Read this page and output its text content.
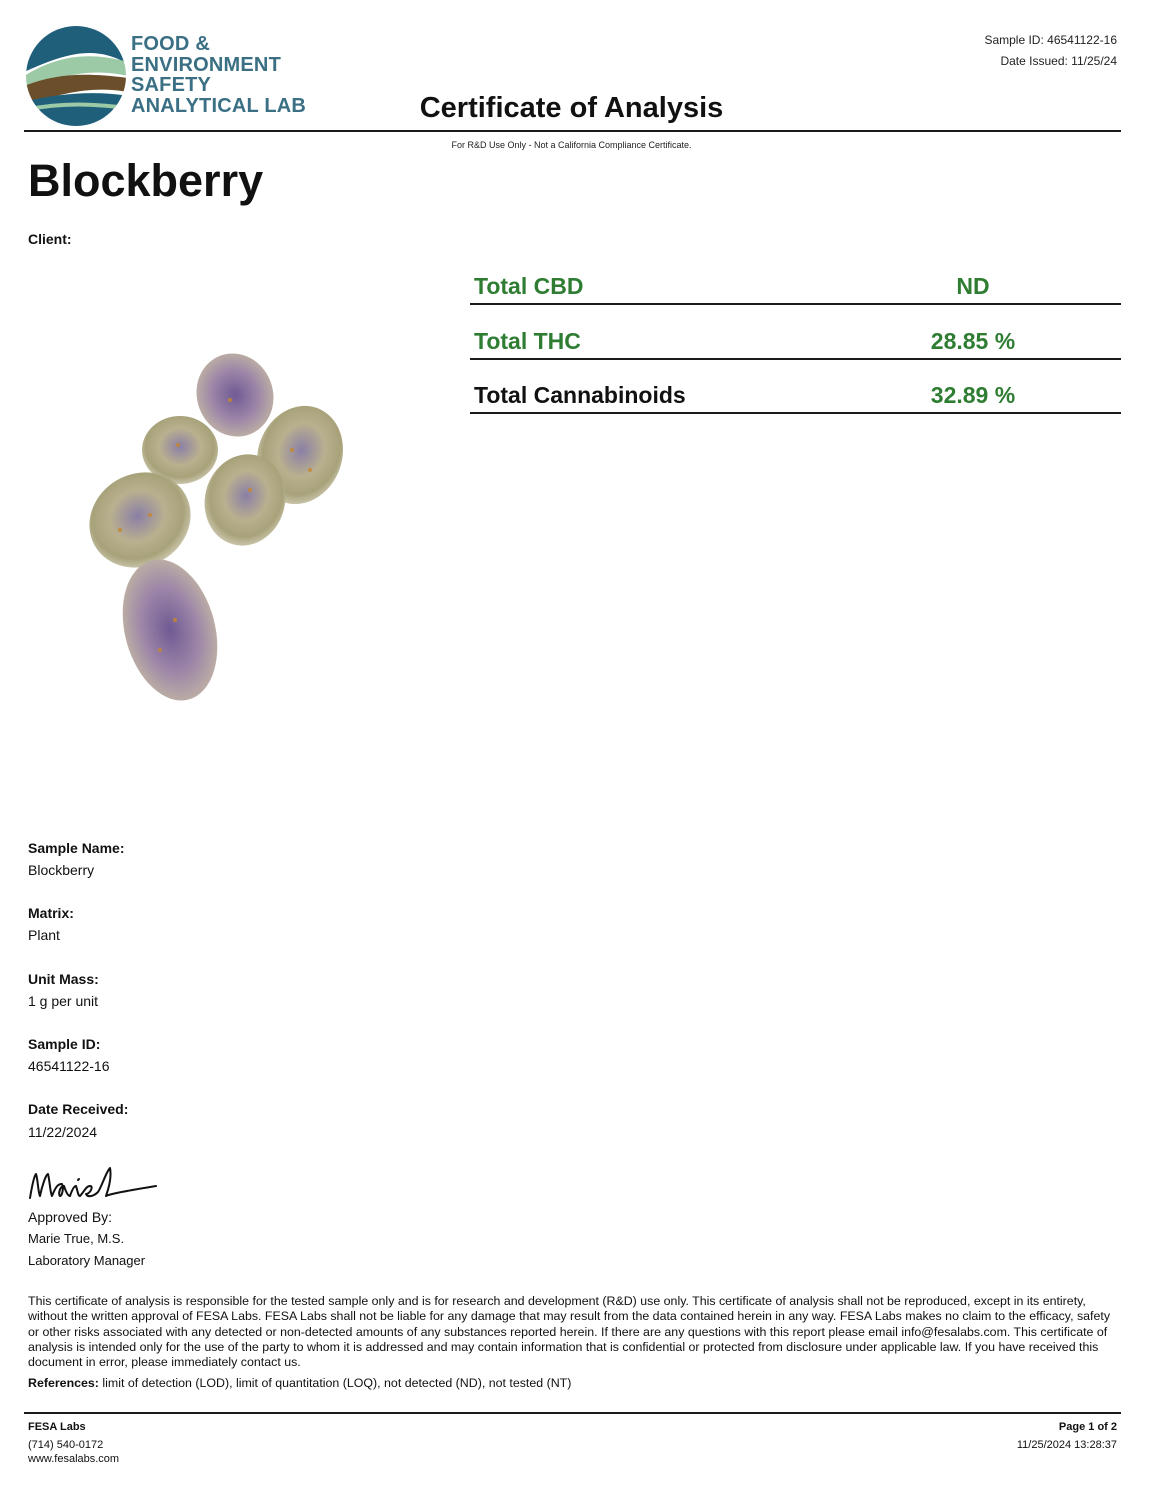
FOOD &
ENVIRONMENT
SAFETY
ANALYTICAL LAB
Sample ID: 46541122-16
Date Issued: 11/25/24
Certificate of Analysis
For R&D Use Only - Not a California Compliance Certificate.
Blockberry
Client:
Total CBD	ND
Total THC	28.85 %
Total Cannabinoids	32.89 %
Sample Name:
Blockberry
Matrix:
Plant
Unit Mass:
1 g per unit
Sample ID:
46541122-16
Date Received:
11/22/2024
Approved By:
Marie True, M.S.
Laboratory Manager
This certificate of analysis is responsible for the tested sample only and is for research and development (R&D) use only. This certificate of analysis shall not be reproduced, except in its entirety, without the written approval of FESA Labs. FESA Labs shall not be liable for any damage that may result from the data contained herein in any way. FESA Labs makes no claim to the efficacy, safety or other risks associated with any detected or non-detected amounts of any substances reported herein. If there are any questions with this report please email info@fesalabs.com. This certificate of analysis is intended only for the use of the party to whom it is addressed and may contain information that is confidential or protected from disclosure under applicable law. If you have received this document in error, please immediately contact us.
References: limit of detection (LOD), limit of quantitation (LOQ), not detected (ND), not tested (NT)
FESA Labs
(714) 540-0172
www.fesalabs.com
Page 1 of 2
11/25/2024 13:28:37
